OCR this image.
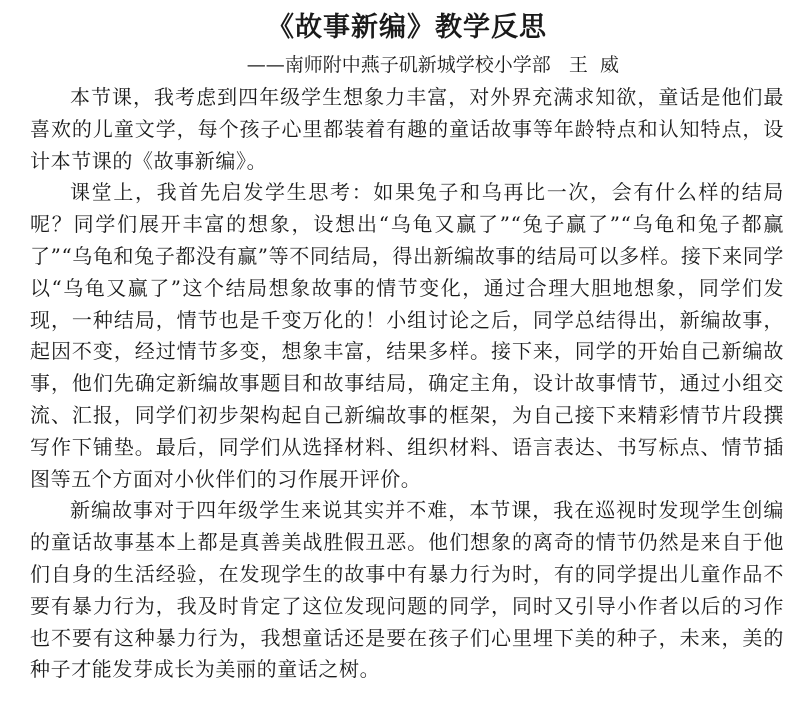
《故事新编》教学反思
——南师附中燕子矶新城学校小学部   王  威

本节课，我考虑到四年级学生想象力丰富，对外界充满求知欲，童话是他们最喜欢的儿童文学，每个孩子心里都装着有趣的童话故事等年龄特点和认知特点，设计本节课的《故事新编》。

课堂上，我首先启发学生思考：如果兔子和乌再比一次，会有什么样的结局呢？同学们展开丰富的想象，设想出“乌龟又赢了”“兔子赢了”“乌龟和兔子都赢了”“乌龟和兔子都没有赢”等不同结局，得出新编故事的结局可以多样。接下来同学以“乌龟又赢了”这个结局想象故事的情节变化，通过合理大胆地想象，同学们发现，一种结局，情节也是千变万化的！小组讨论之后，同学总结得出，新编故事，起因不变，经过情节多变，想象丰富，结果多样。接下来，同学的开始自己新编故事，他们先确定新编故事题目和故事结局，确定主角，设计故事情节，通过小组交流、汇报，同学们初步架构起自己新编故事的框架，为自己接下来精彩情节片段撰写作下铺垫。最后，同学们从选择材料、组织材料、语言表达、书写标点、情节插图等五个方面对小伙伴们的习作展开评价。

新编故事对于四年级学生来说其实并不难，本节课，我在巡视时发现学生创编的童话故事基本上都是真善美战胜假丑恶。他们想象的离奇的情节仍然是来自于他们自身的生活经验，在发现学生的故事中有暴力行为时，有的同学提出儿童作品不要有暴力行为，我及时肯定了这位发现问题的同学，同时又引导小作者以后的习作也不要有这种暴力行为，我想童话还是要在孩子们心里埋下美的种子，未来，美的种子才能发芽成长为美丽的童话之树。
